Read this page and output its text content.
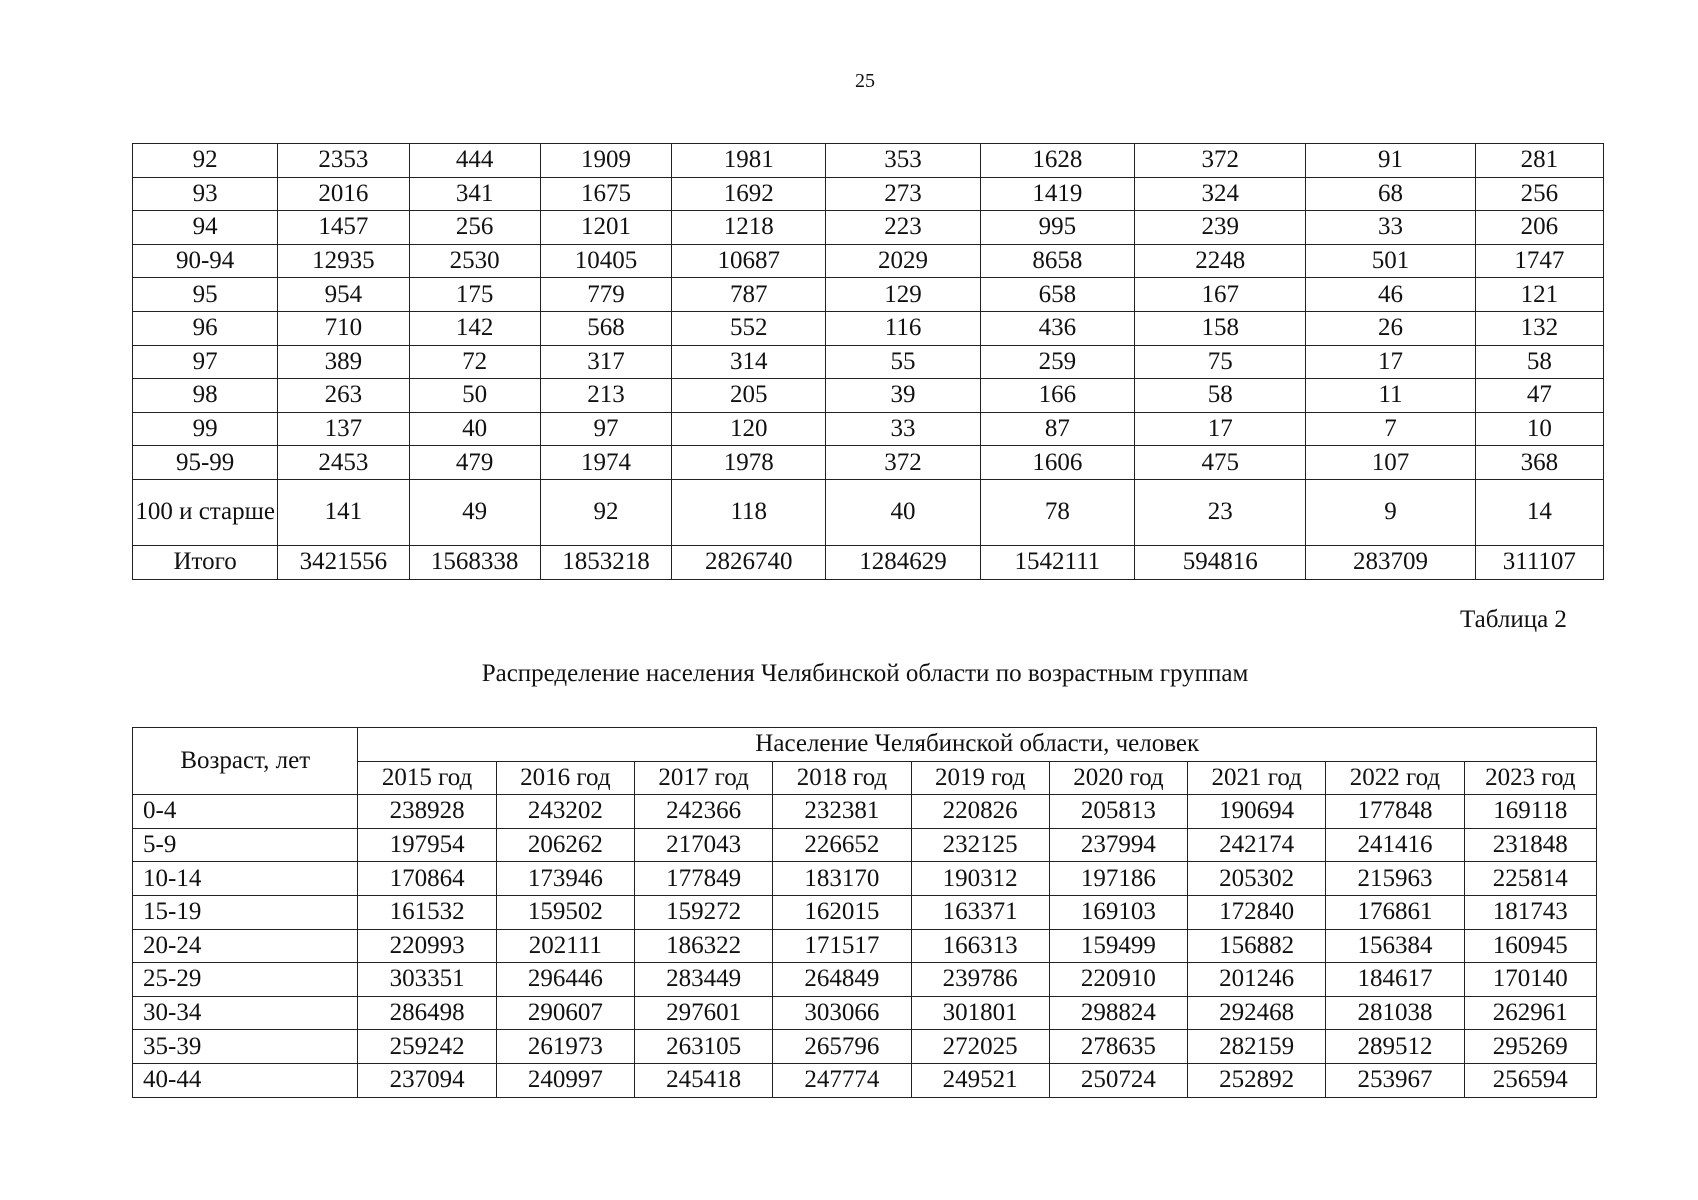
25
92	2353	444	1909	1981	353	1628	372	91	281
93	2016	341	1675	1692	273	1419	324	68	256
94	1457	256	1201	1218	223	995	239	33	206
90-94	12935	2530	10405	10687	2029	8658	2248	501	1747
95	954	175	779	787	129	658	167	46	121
96	710	142	568	552	116	436	158	26	132
97	389	72	317	314	55	259	75	17	58
98	263	50	213	205	39	166	58	11	47
99	137	40	97	120	33	87	17	7	10
95-99	2453	479	1974	1978	372	1606	475	107	368
100 и старше	141	49	92	118	40	78	23	9	14
Итого	3421556	1568338	1853218	2826740	1284629	1542111	594816	283709	311107
Таблица 2
Распределение населения Челябинской области по возрастным группам
Возраст, лет	Население Челябинской области, человек								
	2015 год	2016 год	2017 год	2018 год	2019 год	2020 год	2021 год	2022 год	2023 год
0-4	238928	243202	242366	232381	220826	205813	190694	177848	169118
5-9	197954	206262	217043	226652	232125	237994	242174	241416	231848
10-14	170864	173946	177849	183170	190312	197186	205302	215963	225814
15-19	161532	159502	159272	162015	163371	169103	172840	176861	181743
20-24	220993	202111	186322	171517	166313	159499	156882	156384	160945
25-29	303351	296446	283449	264849	239786	220910	201246	184617	170140
30-34	286498	290607	297601	303066	301801	298824	292468	281038	262961
35-39	259242	261973	263105	265796	272025	278635	282159	289512	295269
40-44	237094	240997	245418	247774	249521	250724	252892	253967	256594
